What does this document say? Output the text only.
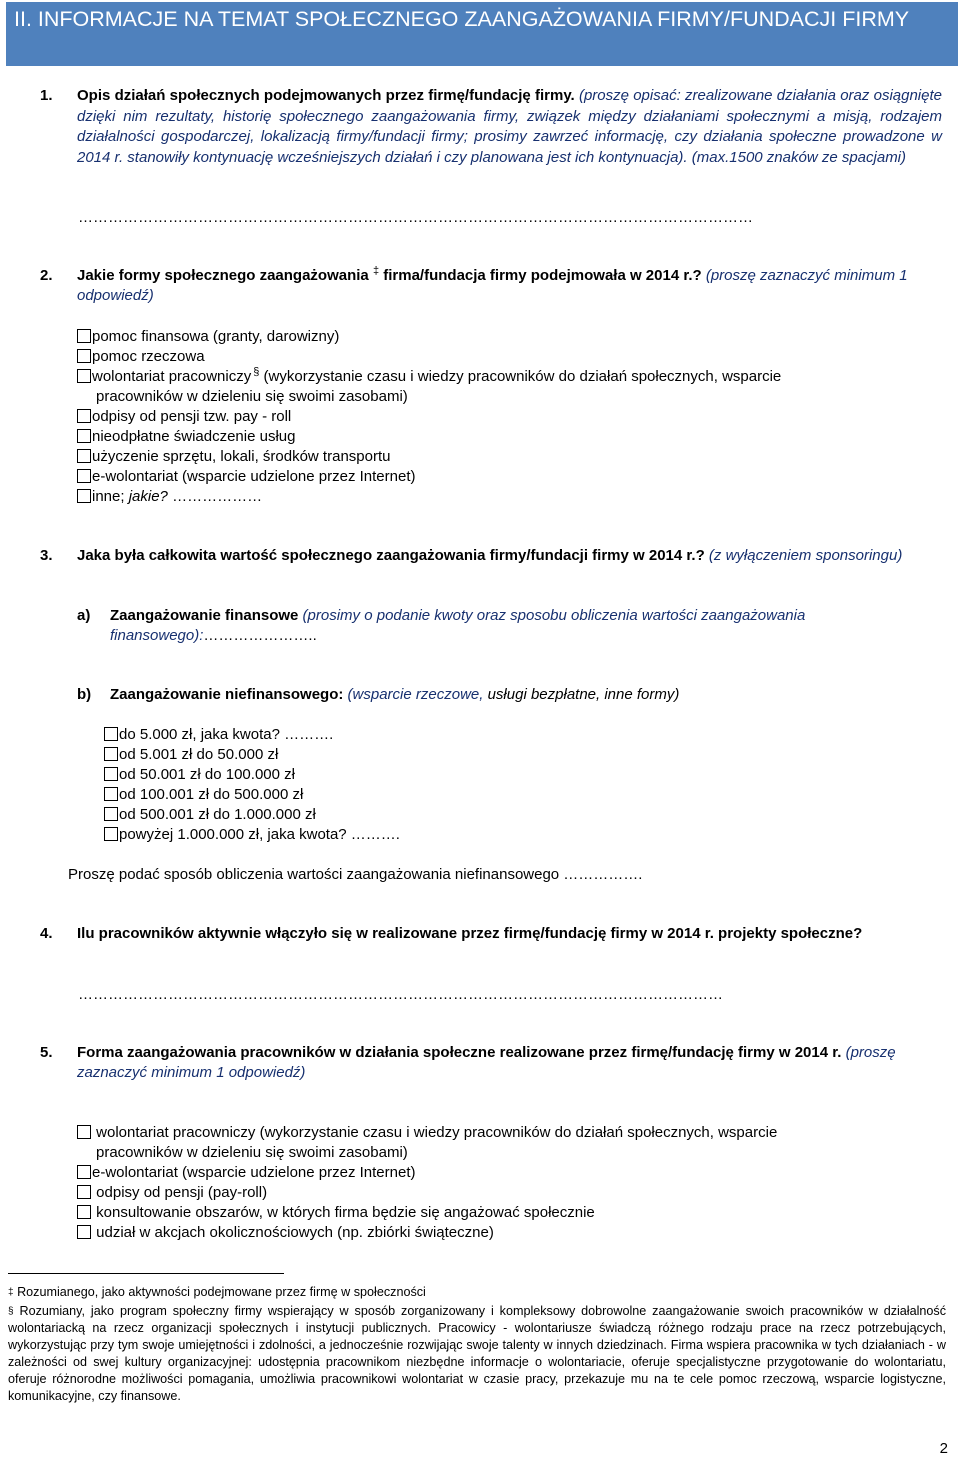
II. INFORMACJE NA TEMAT SPOŁECZNEGO ZAANGAŻOWANIA FIRMY/FUNDACJI FIRMY
1. Opis działań społecznych podejmowanych przez firmę/fundację firmy. (proszę opisać: zrealizowane działania oraz osiągnięte dzięki nim rezultaty, historię społecznego zaangażowania firmy, związek między działaniami społecznymi a misją, rodzajem działalności gospodarczej, lokalizacją firmy/fundacji firmy; prosimy zawrzeć informację, czy działania społeczne prowadzone w 2014 r. stanowiły kontynuację wcześniejszych działań i czy planowana jest ich kontynuacja). (max.1500 znaków ze spacjami)
………………………………………………………………………………………………………………………
2. Jakie formy społecznego zaangażowania ‡ firma/fundacja firmy podejmowała w 2014 r.? (proszę zaznaczyć minimum 1 odpowiedź)
pomoc finansowa (granty, darowizny)
pomoc rzeczowa
wolontariat pracowniczy § (wykorzystanie czasu i wiedzy pracowników do działań społecznych, wsparcie
pracowników w dzieleniu się swoimi zasobami)
odpisy od pensji tzw. pay - roll
nieodpłatne świadczenie usług
użyczenie sprzętu, lokali, środków transportu
e-wolontariat (wsparcie udzielone przez Internet)
inne; jakie? ………………
3. Jaka była całkowita wartość społecznego zaangażowania firmy/fundacji firmy w 2014 r.? (z wyłączeniem sponsoringu)
a) Zaangażowanie finansowe (prosimy o podanie kwoty oraz sposobu obliczenia wartości zaangażowania finansowego):…………………..
b) Zaangażowanie niefinansowego: (wsparcie rzeczowe, usługi bezpłatne, inne formy)
do 5.000 zł, jaka kwota? ……….
od 5.001 zł do 50.000 zł
od 50.001 zł do 100.000 zł
od 100.001 zł do 500.000 zł
od 500.001 zł do 1.000.000 zł
powyżej 1.000.000 zł, jaka kwota? ……….
Proszę podać sposób obliczenia wartości zaangażowania niefinansowego …………….
4. Ilu pracowników aktywnie włączyło się w realizowane przez firmę/fundację firmy w 2014 r. projekty społeczne?
…………………………………………………………………………………………………………………
5. Forma zaangażowania pracowników w działania społeczne realizowane przez firmę/fundację firmy w 2014 r. (proszę zaznaczyć minimum 1 odpowiedź)
wolontariat pracowniczy (wykorzystanie czasu i wiedzy pracowników do działań społecznych, wsparcie
pracowników w dzieleniu się swoimi zasobami)
e-wolontariat (wsparcie udzielone przez Internet)
odpisy od pensji (pay-roll)
konsultowanie obszarów, w których firma będzie się angażować społecznie
udział w akcjach okolicznościowych (np. zbiórki świąteczne)
‡ Rozumianego, jako aktywności podejmowane przez firmę w społeczności
§ Rozumiany, jako program społeczny firmy wspierający w sposób zorganizowany i kompleksowy dobrowolne zaangażowanie swoich pracowników w działalność wolontariacką na rzecz organizacji społecznych i instytucji publicznych. Pracowicy - wolontariusze świadczą różnego rodzaju prace na rzecz potrzebujących, wykorzystując przy tym swoje umiejętności i zdolności, a jednocześnie rozwijając swoje talenty w innych dziedzinach. Firma wspiera pracownika w tych działaniach - w zależności od swej kultury organizacyjnej: udostępnia pracownikom niezbędne informacje o wolontariacie, oferuje specjalistyczne przygotowanie do wolontariatu, oferuje różnorodne możliwości pomagania, umożliwia pracownikowi wolontariat w czasie pracy, przekazuje mu na te cele pomoc rzeczową, wsparcie logistyczne, komunikacyjne, czy finansowe.
2
